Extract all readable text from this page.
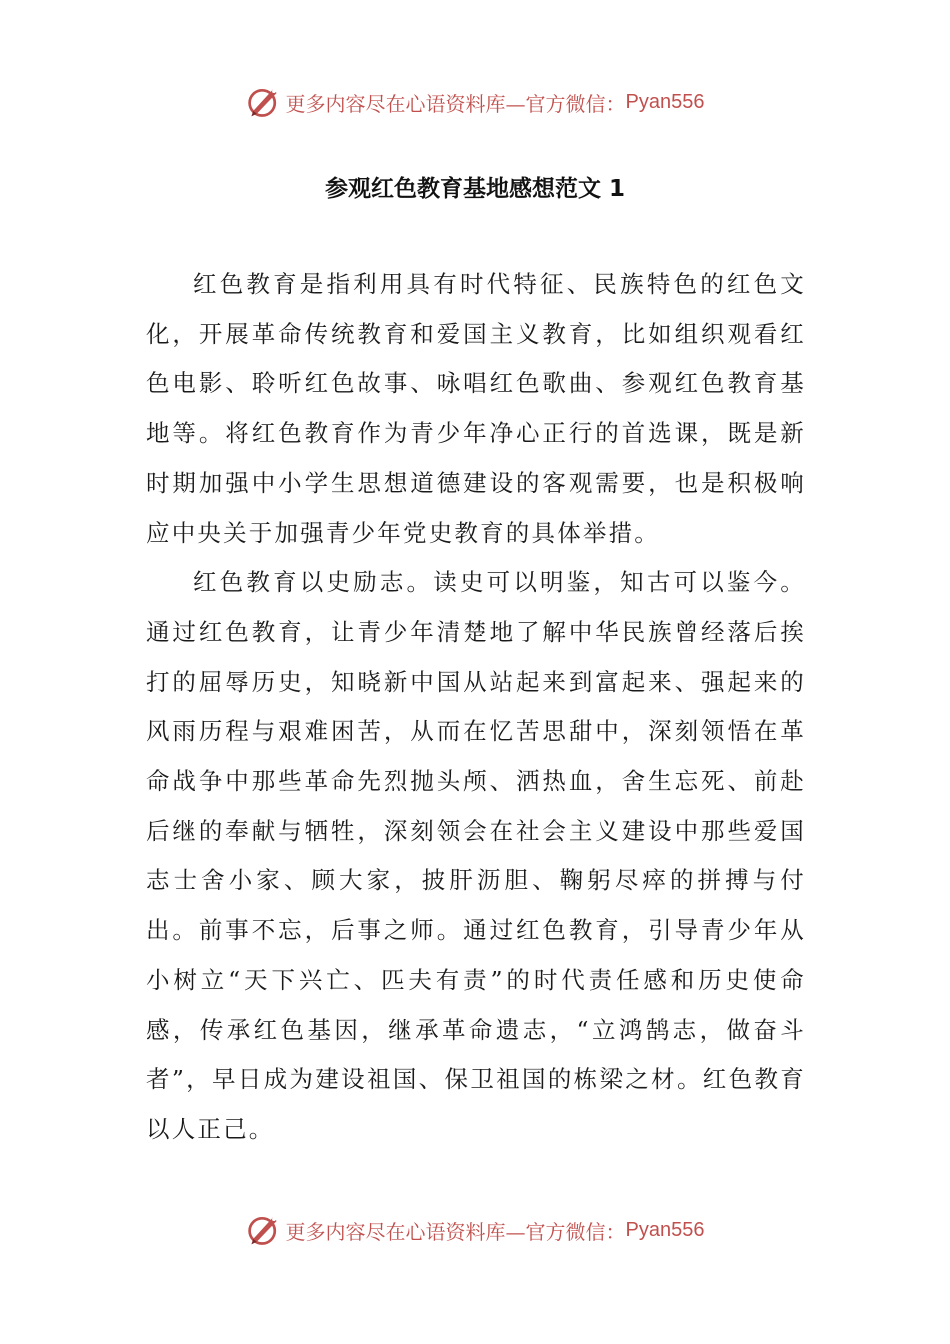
更多内容尽在心语资料库—官方微信： Pyan556
参观红色教育基地感想范文 1

红色教育是指利用具有时代特征、民族特色的红色文化，开展革命传统教育和爱国主义教育，比如组织观看红色电影、聆听红色故事、咏唱红色歌曲、参观红色教育基地等。将红色教育作为青少年净心正行的首选课，既是新时期加强中小学生思想道德建设的客观需要，也是积极响应中央关于加强青少年党史教育的具体举措。

红色教育以史励志。读史可以明鉴，知古可以鉴今。通过红色教育，让青少年清楚地了解中华民族曾经落后挨打的屈辱历史，知晓新中国从站起来到富起来、强起来的风雨历程与艰难困苦，从而在忆苦思甜中，深刻领悟在革命战争中那些革命先烈抛头颅、洒热血，舍生忘死、前赴后继的奉献与牺牲，深刻领会在社会主义建设中那些爱国志士舍小家、顾大家，披肝沥胆、鞠躬尽瘁的拼搏与付出。前事不忘，后事之师。通过红色教育，引导青少年从小树立“天下兴亡、匹夫有责”的时代责任感和历史使命感，传承红色基因，继承革命遗志，“立鸿鹄志，做奋斗者”，早日成为建设祖国、保卫祖国的栋梁之材。红色教育以人正己。

更多内容尽在心语资料库—官方微信： Pyan556
